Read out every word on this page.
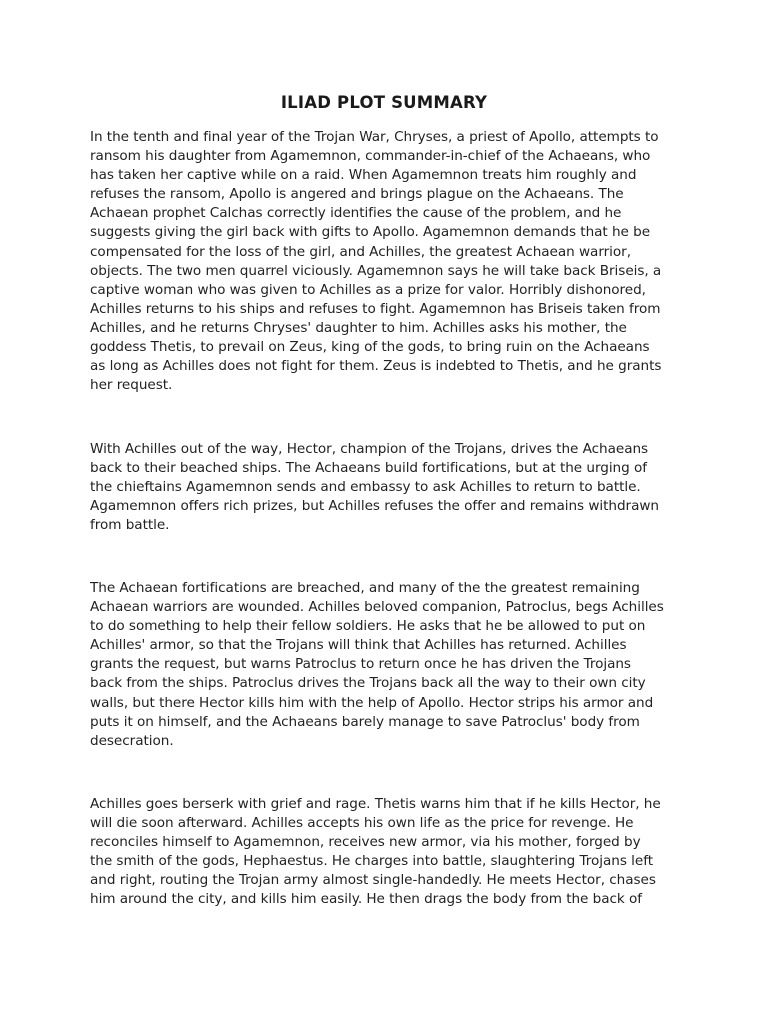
ILIAD PLOT SUMMARY
In the tenth and final year of the Trojan War, Chryses, a priest of Apollo, attempts to
ransom his daughter from Agamemnon, commander-in-chief of the Achaeans, who
has taken her captive while on a raid. When Agamemnon treats him roughly and
refuses the ransom, Apollo is angered and brings plague on the Achaeans. The
Achaean prophet Calchas correctly identifies the cause of the problem, and he
suggests giving the girl back with gifts to Apollo. Agamemnon demands that he be
compensated for the loss of the girl, and Achilles, the greatest Achaean warrior,
objects. The two men quarrel viciously. Agamemnon says he will take back Briseis, a
captive woman who was given to Achilles as a prize for valor. Horribly dishonored,
Achilles returns to his ships and refuses to fight. Agamemnon has Briseis taken from
Achilles, and he returns Chryses' daughter to him. Achilles asks his mother, the
goddess Thetis, to prevail on Zeus, king of the gods, to bring ruin on the Achaeans
as long as Achilles does not fight for them. Zeus is indebted to Thetis, and he grants
her request.
With Achilles out of the way, Hector, champion of the Trojans, drives the Achaeans
back to their beached ships. The Achaeans build fortifications, but at the urging of
the chieftains Agamemnon sends and embassy to ask Achilles to return to battle.
Agamemnon offers rich prizes, but Achilles refuses the offer and remains withdrawn
from battle.
The Achaean fortifications are breached, and many of the the greatest remaining
Achaean warriors are wounded. Achilles beloved companion, Patroclus, begs Achilles
to do something to help their fellow soldiers. He asks that he be allowed to put on
Achilles' armor, so that the Trojans will think that Achilles has returned. Achilles
grants the request, but warns Patroclus to return once he has driven the Trojans
back from the ships. Patroclus drives the Trojans back all the way to their own city
walls, but there Hector kills him with the help of Apollo. Hector strips his armor and
puts it on himself, and the Achaeans barely manage to save Patroclus' body from
desecration.
Achilles goes berserk with grief and rage. Thetis warns him that if he kills Hector, he
will die soon afterward. Achilles accepts his own life as the price for revenge. He
reconciles himself to Agamemnon, receives new armor, via his mother, forged by
the smith of the gods, Hephaestus. He charges into battle, slaughtering Trojans left
and right, routing the Trojan army almost single-handedly. He meets Hector, chases
him around the city, and kills him easily. He then drags the body from the back of
